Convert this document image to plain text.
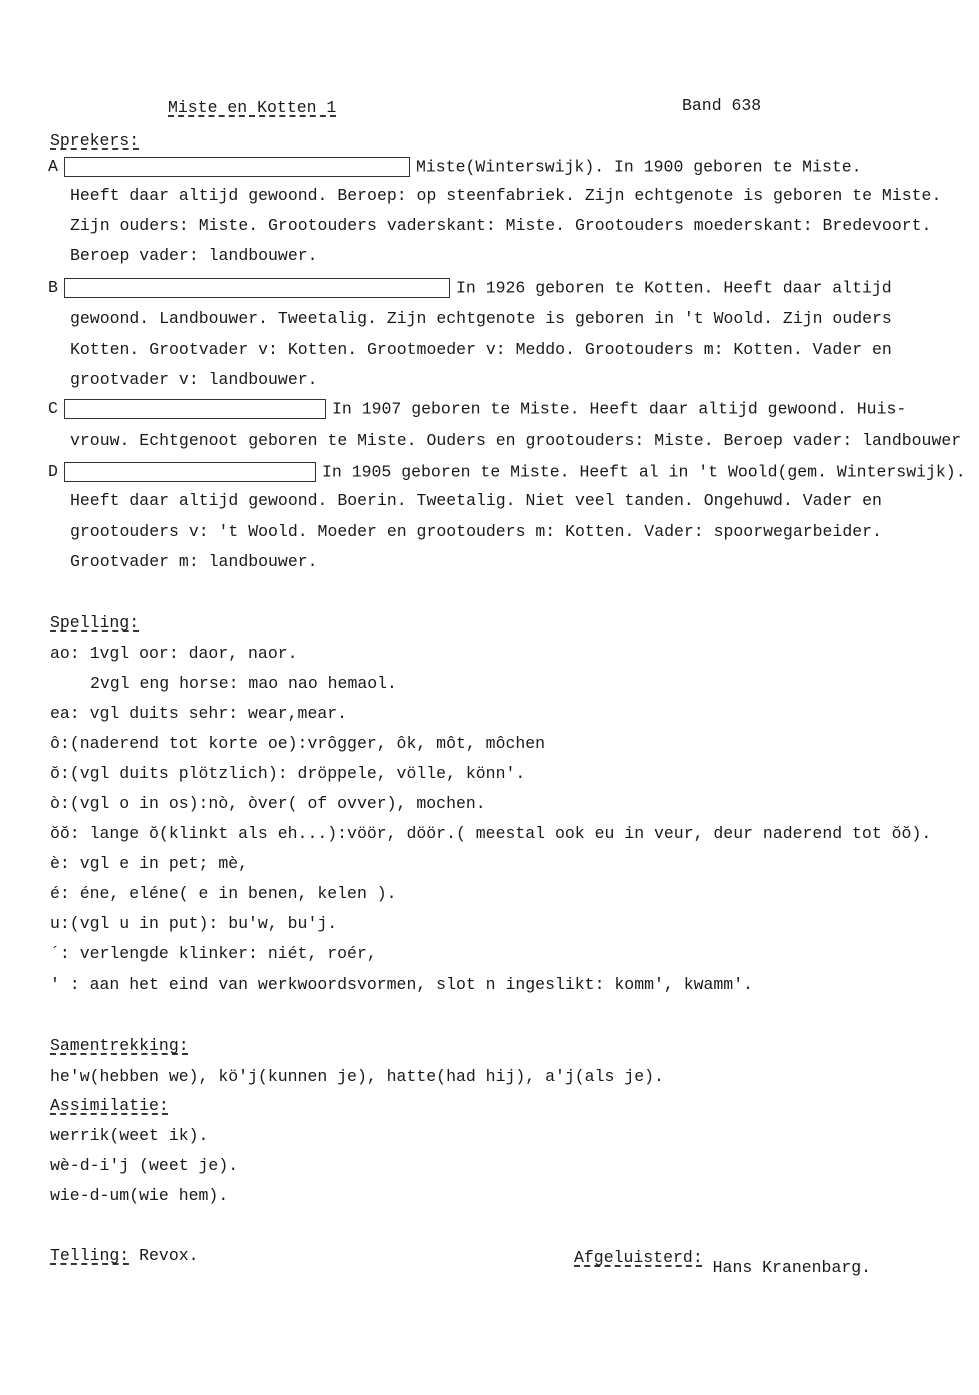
Miste en Kotten 1	Band 638
Sprekers:
A	Miste(Winterswijk). In 1900 geboren te Miste.
Heeft daar altijd gewoond. Beroep: op steenfabriek. Zijn echtgenote is geboren te Miste.
Zijn ouders: Miste. Grootouders vaderskant: Miste. Grootouders moederskant: Bredevoort.
Beroep vader: landbouwer.
B	In 1926 geboren te Kotten. Heeft daar altijd
gewoond. Landbouwer. Tweetalig. Zijn echtgenote is geboren in 't Woold. Zijn ouders
Kotten. Grootvader v: Kotten. Grootmoeder v: Meddo. Grootouders m: Kotten. Vader en
grootvader v: landbouwer.
C	In 1907 geboren te Miste. Heeft daar altijd gewoond. Huis-
vrouw. Echtgenoot geboren te Miste. Ouders en grootouders: Miste. Beroep vader: landbouwer
D	In 1905 geboren te Miste. Heeft al in 't Woold(gem. Winterswijk).
Heeft daar altijd gewoond. Boerin. Tweetalig. Niet veel tanden. Ongehuwd. Vader en
grootouders v: 't Woold. Moeder en grootouders m: Kotten. Vader: spoorwegarbeider.
Grootvader m: landbouwer.
Spelling:
ao: 1vgl oor: daor, naor.
2vgl eng horse: mao nao hemaol.
ea: vgl duits sehr: wear,mear.
ô:(naderend tot korte oe):vrôgger, ôk, môt, môchen
ŏ:(vgl duits plötzlich): dröppele, völle, könn'.
ò:(vgl o in os):nò, òver( of ovver), mochen.
ŏŏ: lange ŏ(klinkt als eh...):vöör, döör.( meestal ook eu in veur, deur naderend tot ŏŏ).
è: vgl e in pet; mè,
é: éne, eléne( e in benen, kelen ).
u:(vgl u in put): bu'w, bu'j.
´: verlengde klinker: niét, roér,
' : aan het eind van werkwoordsvormen, slot n ingeslikt: komm', kwamm'.
Samentrekking:
he'w(hebben we), kö'j(kunnen je), hatte(had hij), a'j(als je).
Assimilatie:
werrik(weet ik).
wè-d-i'j (weet je).
wie-d-um(wie hem).
Telling: Revox.	Afgeluisterd: Hans Kranenbarg.
